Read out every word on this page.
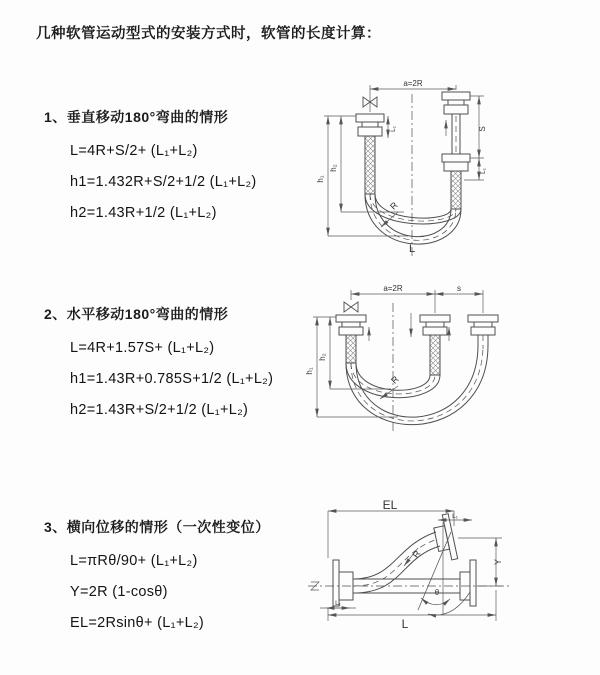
几种软管运动型式的安装方式时，软管的长度计算：
1、垂直移动180°弯曲的情形
L=4R+S/2+ (L₁+L₂)
h1=1.432R+S/2+1/2 (L₁+L₂)
h2=1.43R+1/2 (L₁+L₂)
2、水平移动180°弯曲的情形
L=4R+1.57S+ (L₁+L₂)
h1=1.43R+0.785S+1/2 (L₁+L₂)
h2=1.43R+S/2+1/2 (L₁+L₂)
3、横向位移的情形（一次性变位）
L=πRθ/90+ (L₁+L₂)
Y=2R (1-cosθ)
EL=2Rsinθ+ (L₁+L₂)
a=2R
h₁
h₂
S
L₁
L₁
R
L
a=2R	s
h₁
h₂
R
EL
L₁
Y
L
L₁
R
θ
